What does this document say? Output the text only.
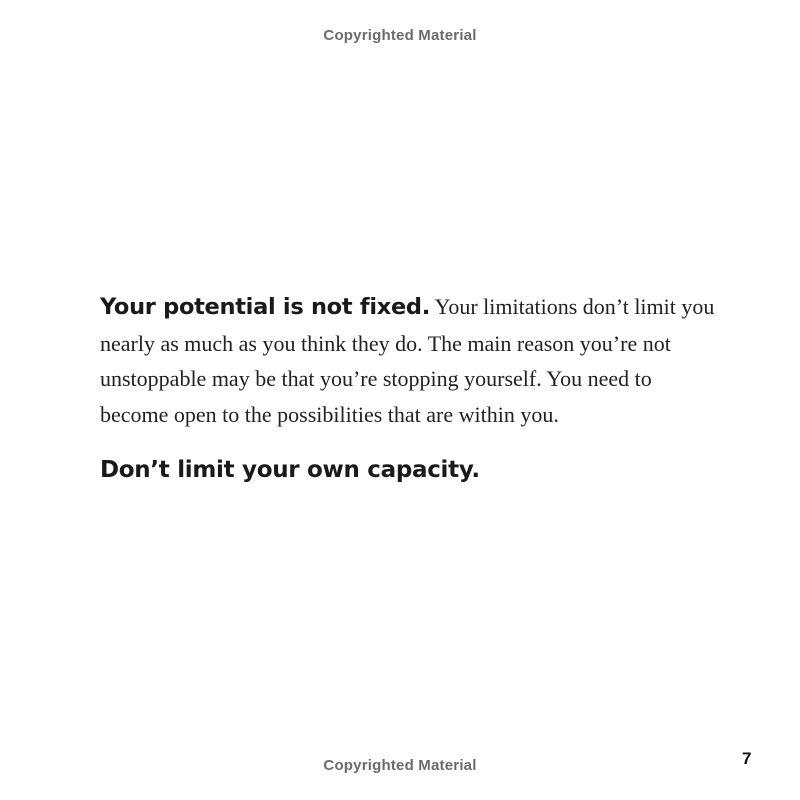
Copyrighted Material
Your potential is not fixed. Your limitations don’t limit you nearly as much as you think they do. The main reason you’re not unstoppable may be that you’re stopping yourself. You need to become open to the possibilities that are within you.
Don’t limit your own capacity.
Copyrighted Material	7
